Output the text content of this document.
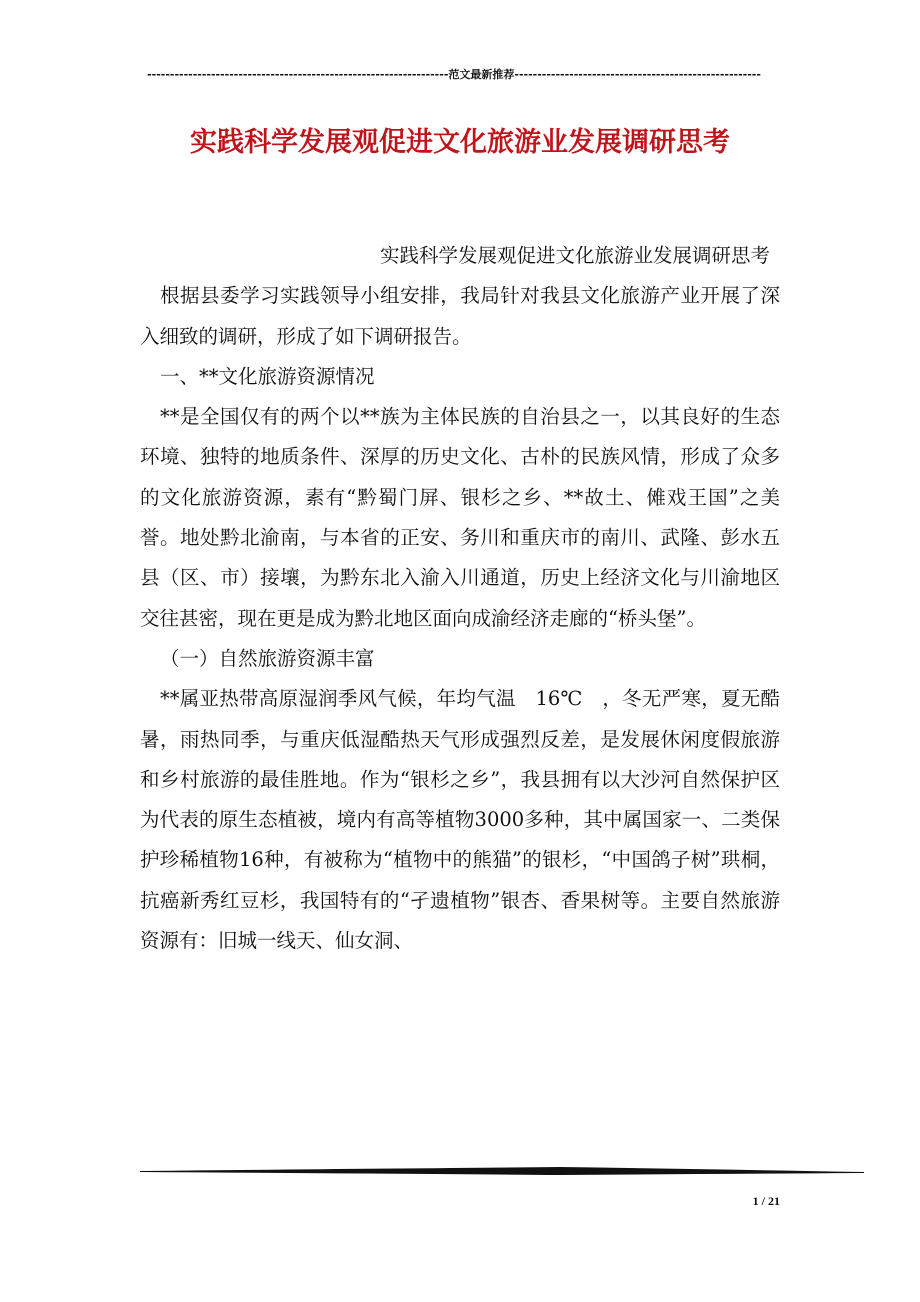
------------------------------------------------------------------范文最新推荐------------------------------------------------------
实践科学发展观促进文化旅游业发展调研思考

实践科学发展观促进文化旅游业发展调研思考

根据县委学习实践领导小组安排，我局针对我县文化旅游产业开展了深入细致的调研，形成了如下调研报告。

一、**文化旅游资源情况

**是全国仅有的两个以**族为主体民族的自治县之一，以其良好的生态环境、独特的地质条件、深厚的历史文化、古朴的民族风情，形成了众多的文化旅游资源，素有“黔蜀门屏、银杉之乡、**故土、傩戏王国”之美誉。地处黔北渝南，与本省的正安、务川和重庆市的南川、武隆、彭水五县（区、市）接壤，为黔东北入渝入川通道，历史上经济文化与川渝地区交往甚密，现在更是成为黔北地区面向成渝经济走廊的“桥头堡”。

（一）自然旅游资源丰富

**属亚热带高原湿润季风气候，年均气温　16℃　，冬无严寒，夏无酷暑，雨热同季，与重庆低湿酷热天气形成强烈反差，是发展休闲度假旅游和乡村旅游的最佳胜地。作为“银杉之乡”，我县拥有以大沙河自然保护区为代表的原生态植被，境内有高等植物3000多种，其中属国家一、二类保护珍稀植物16种，有被称为“植物中的熊猫”的银杉，“中国鸽子树”珙桐，抗癌新秀红豆杉，我国特有的“孑遗植物”银杏、香果树等。主要自然旅游资源有：旧城一线天、仙女洞、

1 / 21
